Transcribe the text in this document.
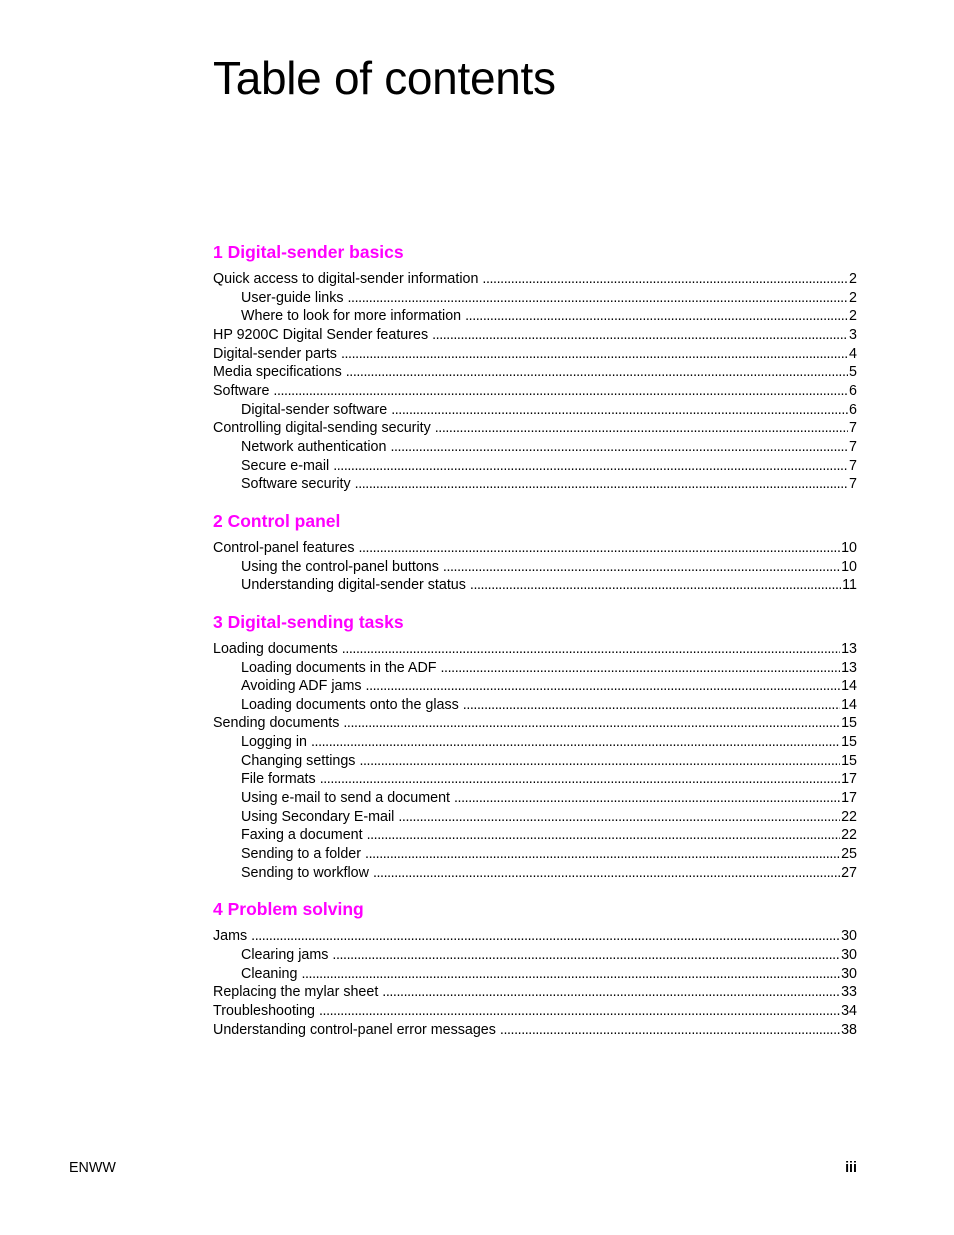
Table of contents
1 Digital-sender basics
Quick access to digital-sender information . . .	2
User-guide links . . .	2
Where to look for more information . . .	2
HP 9200C Digital Sender features . . .	3
Digital-sender parts . . .	4
Media specifications . . .	5
Software . . .	6
Digital-sender software . . .	6
Controlling digital-sending security . . .	7
Network authentication . . .	7
Secure e-mail . . .	7
Software security . . .	7
2 Control panel
Control-panel features . . .	10
Using the control-panel buttons . . .	10
Understanding digital-sender status . . .	11
3 Digital-sending tasks
Loading documents . . .	13
Loading documents in the ADF . . .	13
Avoiding ADF jams . . .	14
Loading documents onto the glass . . .	14
Sending documents . . .	15
Logging in . . .	15
Changing settings . . .	15
File formats . . .	17
Using e-mail to send a document . . .	17
Using Secondary E-mail . . .	22
Faxing a document . . .	22
Sending to a folder . . .	25
Sending to workflow . . .	27
4 Problem solving
Jams . . .	30
Clearing jams . . .	30
Cleaning . . .	30
Replacing the mylar sheet . . .	33
Troubleshooting . . .	34
Understanding control-panel error messages . . .	38
ENWW	iii
